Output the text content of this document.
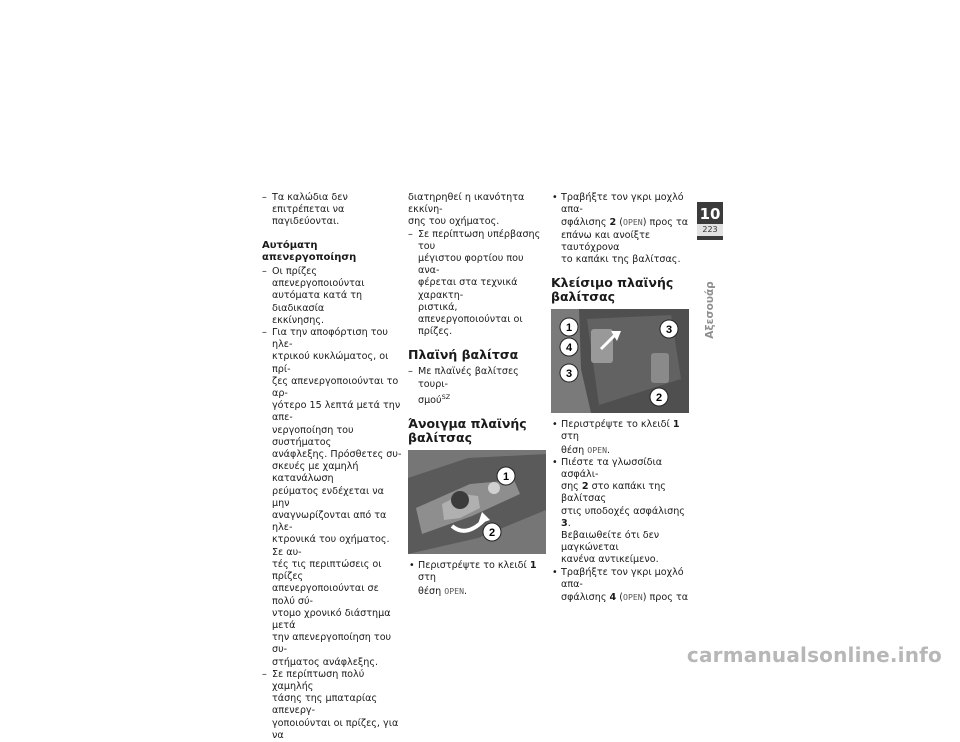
– Τα καλώδια δεν επιτρέπεται να
παγιδεύονται.
Αυτόματη απενεργοποίηση
– Οι πρίζες απενεργοποιούνται
αυτόματα κατά τη διαδικασία
εκκίνησης.
– Για την αποφόρτιση του ηλε-
κτρικού κυκλώματος, οι πρί-
ζες απενεργοποιούνται το αρ-
γότερο 15 λεπτά μετά την απε-
νεργοποίηση του συστήματος
ανάφλεξης. Πρόσθετες συ-
σκευές με χαμηλή κατανάλωση
ρεύματος ενδέχεται να μην
αναγνωρίζονται από τα ηλε-
κτρονικά του οχήματος. Σε αυ-
τές τις περιπτώσεις οι πρίζες
απενεργοποιούνται σε πολύ σύ-
ντομο χρονικό διάστημα μετά
την απενεργοποίηση του συ-
στήματος ανάφλεξης.
– Σε περίπτωση πολύ χαμηλής
τάσης της μπαταρίας απενεργ-
γοποιούνται οι πρίζες, για να
διατηρηθεί η ικανότητα εκκίνη-
σης του οχήματος.
– Σε περίπτωση υπέρβασης του
μέγιστου φορτίου που ανα-
φέρεται στα τεχνικά χαρακτη-
ριστικά, απενεργοποιούνται οι
πρίζες.
Πλαϊνή βαλίτσα
– Με πλαϊνές βαλίτσες τουρι-
σμού$^{SZ}$
Άνοιγμα πλαϊνής
βαλίτσας
1
2
• Περιστρέψτε το κλειδί 1 στη
θέση OPEN.
• Τραβήξτε τον γκρι μοχλό απα-
σφάλισης 2 (OPEN) προς τα
επάνω και ανοίξτε ταυτόχρονα
το καπάκι της βαλίτσας.
Κλείσιμο πλαϊνής
βαλίτσας
1	3
4
3
2
• Περιστρέψτε το κλειδί 1 στη
θέση OPEN.
• Πιέστε τα γλωσσίδια ασφάλι-
σης 2 στο καπάκι της βαλίτσας
στις υποδοχές ασφάλισης 3.
Βεβαιωθείτε ότι δεν μαγκώνεται
κανένα αντικείμενο.
• Τραβήξτε τον γκρι μοχλό απα-
σφάλισης 4 (OPEN) προς τα
10
223
Αξεσουάρ
carmanualsonline.info
